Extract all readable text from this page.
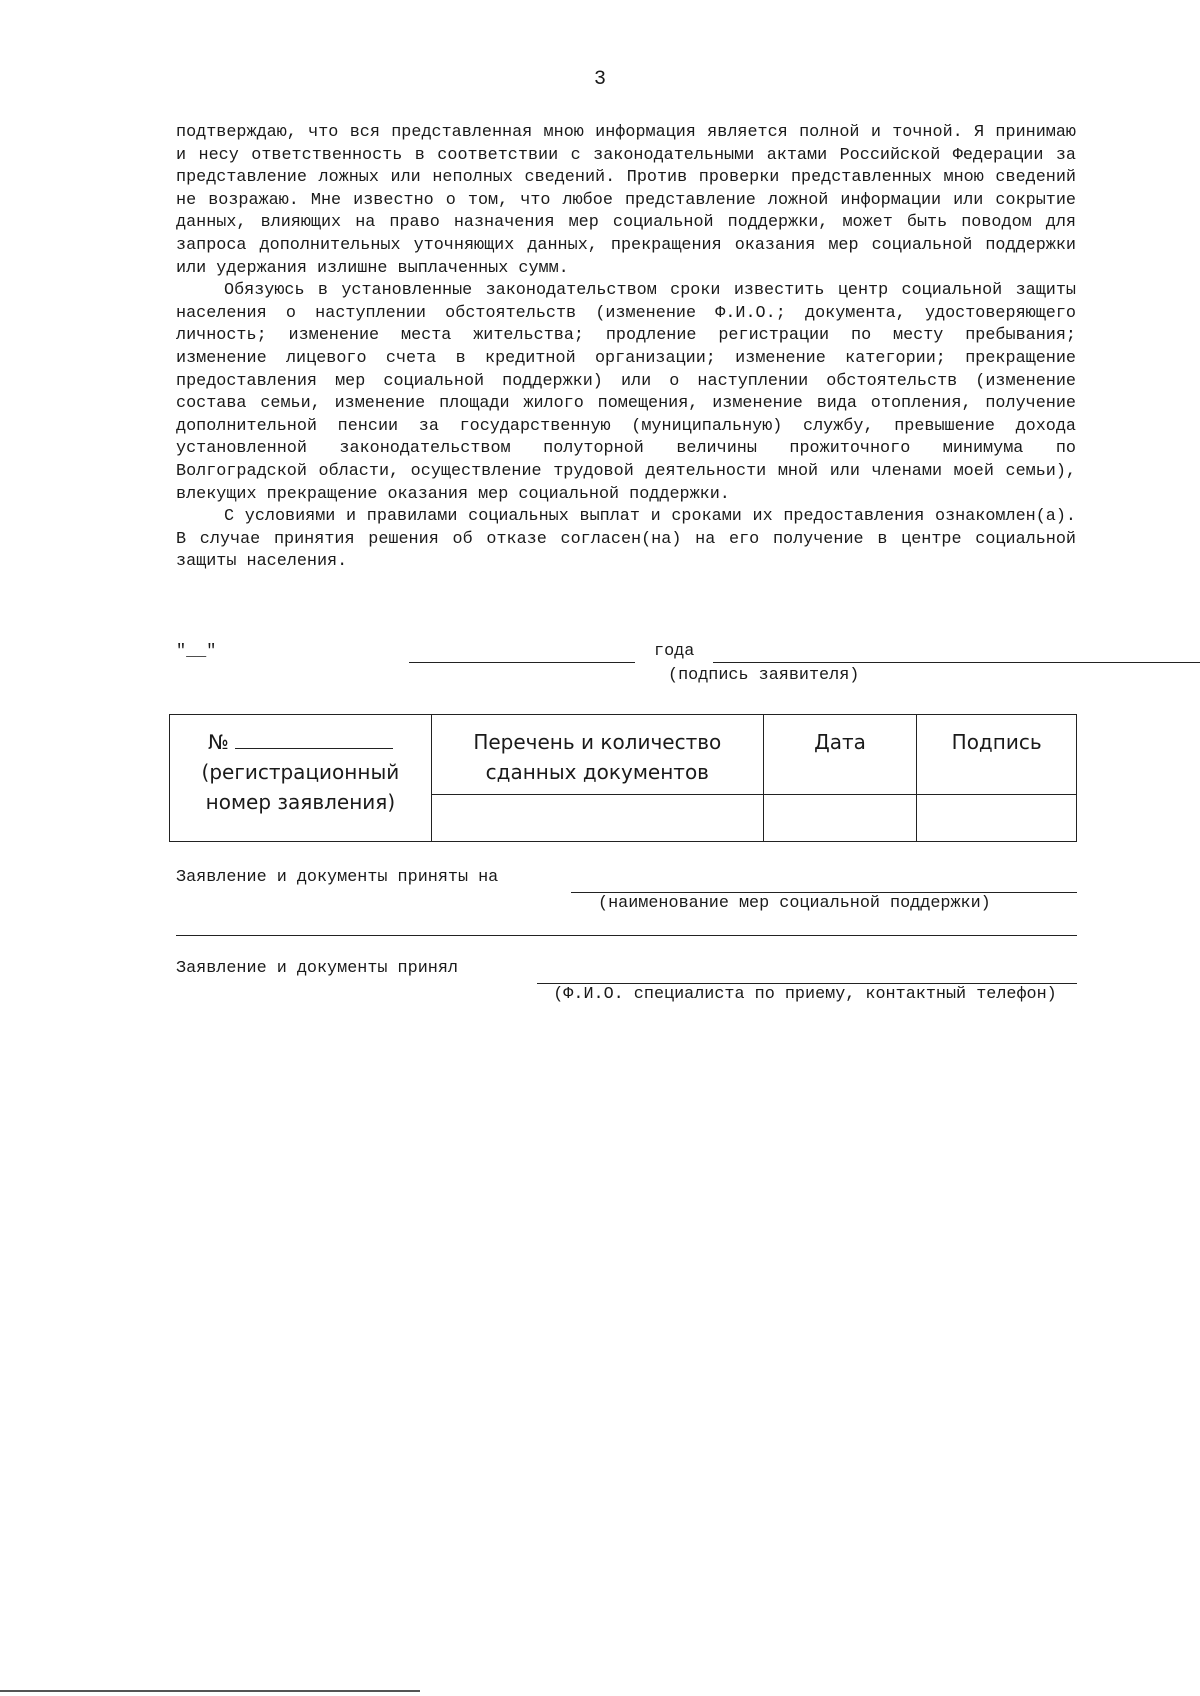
3

подтверждаю, что вся представленная мною информация является полной и точной. Я принимаю и несу ответственность в соответствии с законодательными актами Российской Федерации за представление ложных или неполных сведений. Против проверки представленных мною сведений не возражаю. Мне известно о том, что любое представление ложной информации или сокрытие данных, влияющих на право назначения мер социальной поддержки, может быть поводом для запроса дополнительных уточняющих данных, прекращения оказания мер социальной поддержки или удержания излишне выплаченных сумм.

Обязуюсь в установленные законодательством сроки известить центр социальной защиты населения о наступлении обстоятельств (изменение Ф.И.О.; документа, удостоверяющего личность; изменение места жительства; продление регистрации по месту пребывания; изменение лицевого счета в кредитной организации; изменение категории; прекращение предоставления мер социальной поддержки) или о наступлении обстоятельств (изменение состава семьи, изменение площади жилого помещения, изменение вида отопления, получение дополнительной пенсии за государственную (муниципальную) службу, превышение дохода установленной законодательством полуторной величины прожиточного минимума по Волгоградской области, осуществление трудовой деятельности мной или членами моей семьи), влекущих прекращение оказания мер социальной поддержки.

С условиями и правилами социальных выплат и сроками их предоставления ознакомлен(а). В случае принятия решения об отказе согласен(на) на его получение в центре социальной защиты населения.

"__"	года
(подпись заявителя)
№
(регистрационный номер заявления)	Перечень и количество сданных документов	Дата	Подпись

Заявление и документы приняты на
(наименование мер социальной поддержки)
Заявление и документы принял
(Ф.И.О. специалиста по приему, контактный телефон)
